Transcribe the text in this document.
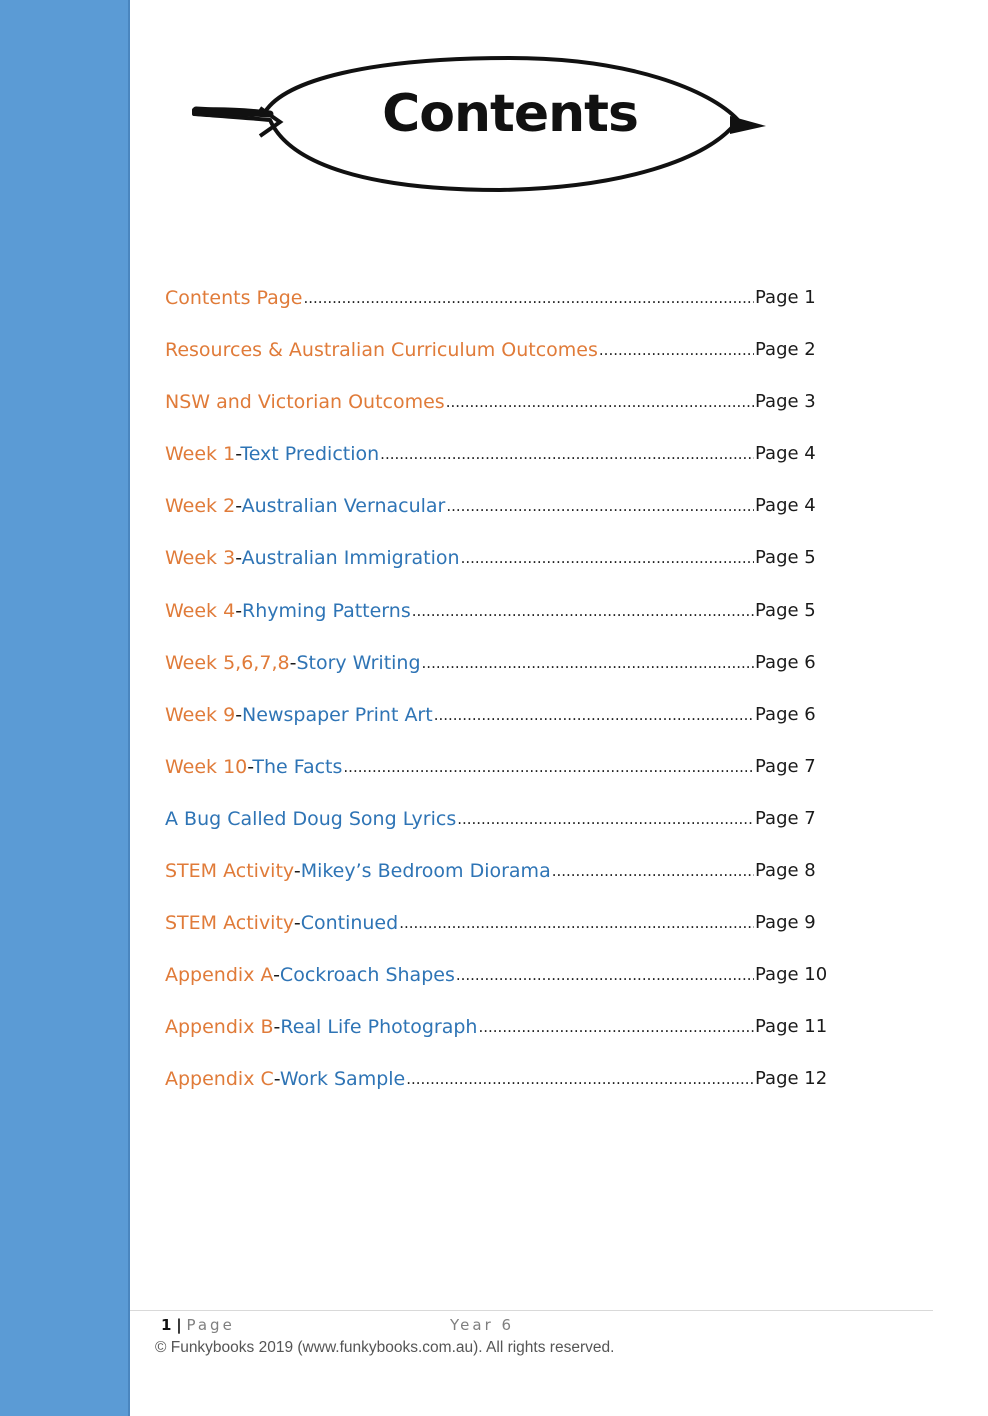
Contents
Contents Page .....	Page 1
Resources & Australian Curriculum Outcomes .....	Page 2
NSW and Victorian Outcomes .....	Page 3
Week 1-Text Prediction .....	Page 4
Week 2-Australian Vernacular .....	Page 4
Week 3-Australian Immigration .....	Page 5
Week 4-Rhyming Patterns .....	Page 5
Week 5,6,7,8-Story Writing .....	Page 6
Week 9-Newspaper Print Art .....	Page 6
Week 10-The Facts .....	Page 7
A Bug Called Doug Song Lyrics .....	Page 7
STEM Activity-Mikey’s Bedroom Diorama .....	Page 8
STEM Activity-Continued .....	Page 9
Appendix A-Cockroach Shapes .....	Page 10
Appendix B-Real Life Photograph .....	Page 11
Appendix C-Work Sample .....	Page 12
1 | Page	Year 6
© Funkybooks 2019 (www.funkybooks.com.au). All rights reserved.
